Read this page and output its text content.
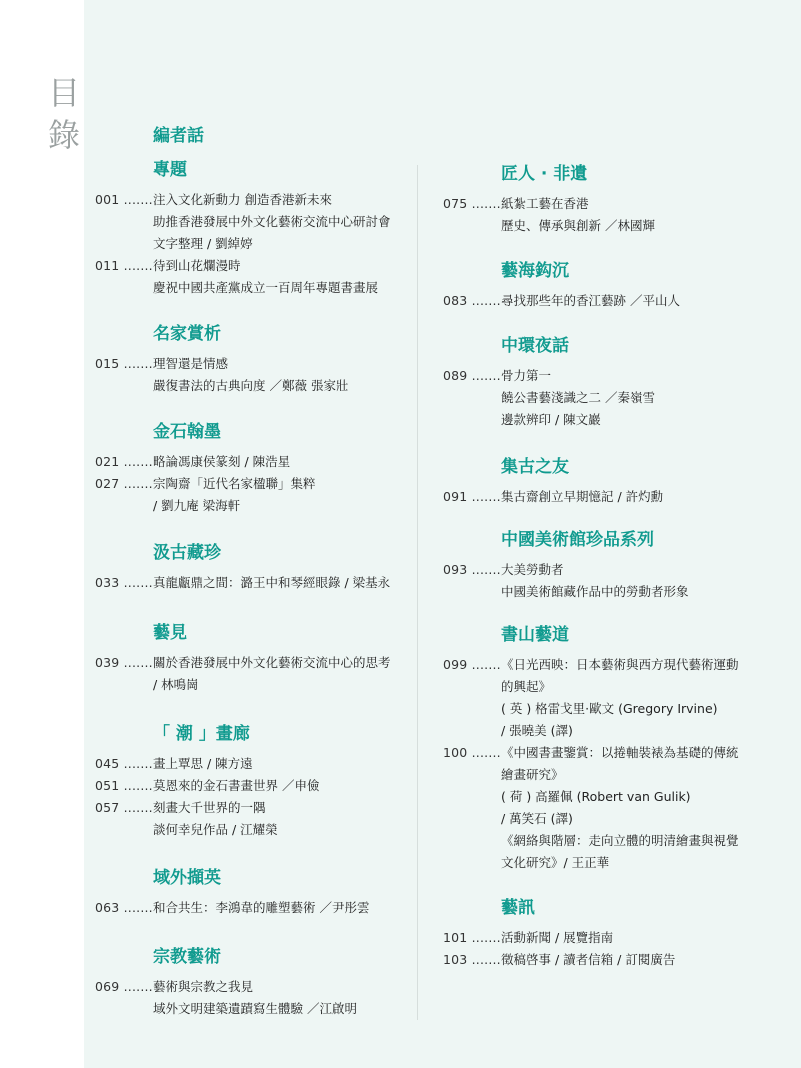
目
錄	編者話
專題
001 ....... 注入文化新動力 創造香港新未來
助推香港發展中外文化藝術交流中心研討會
文字整理 / 劉綽婷
011 ....... 待到山花爛漫時
慶祝中國共產黨成立一百周年專題書畫展
名家賞析
015 ....... 理智還是情感
嚴復書法的古典向度 ／鄭薇 張家壯
金石翰墨
021 ....... 略論馮康侯篆刻 / 陳浩星
027 ....... 宗陶齋「近代名家楹聯」集粹
/ 劉九庵 梁海軒
汲古藏珍
033 ....... 真龍甗鼎之間：潞王中和琴經眼錄 / 梁基永
藝見
039 ....... 關於香港發展中外文化藝術交流中心的思考
/ 林鳴崗
「 潮 」畫廊
045 ....... 畫上覃思 / 陳方遠
051 ....... 莫恩來的金石書畫世界 ／申儉
057 ....... 刻畫大千世界的一隅
談何幸兒作品 / 江耀榮
域外擷英
063 ....... 和合共生：李鴻韋的雕塑藝術 ／尹彤雲
宗教藝術
069 ....... 藝術與宗教之我見
域外文明建築遺蹟寫生體驗 ／江啟明
匠人 · 非遺
075 ....... 紙紮工藝在香港
歷史、傳承與創新 ／林國輝
藝海鈎沉
083 ....... 尋找那些年的香江藝跡 ／平山人
中環夜話
089 ....... 骨力第一
饒公書藝淺識之二 ／秦嶺雪
邊款辨印 / 陳文巖
集古之友
091 ....... 集古齋創立早期憶記 / 許灼勳
中國美術館珍品系列
093 ....... 大美勞動者
中國美術館藏作品中的勞動者形象
書山藝道
099 ....... 《日光西映：日本藝術與西方現代藝術運動
的興起》
( 英 ) 格雷戈里·歐文 (Gregory Irvine)
/ 張曉美 (譯)
100 ....... 《中國書畫鑒賞：以捲軸裝裱為基礎的傳統
繪畫研究》
( 荷 ) 高羅佩 (Robert van Gulik)
/ 萬笑石 (譯)
《網絡與階層：走向立體的明清繪畫與視覺
文化研究》/ 王正華
藝訊
101 ....... 活動新聞 / 展覽指南
103 ....... 徵稿啓事 / 讀者信箱 / 訂閱廣告
